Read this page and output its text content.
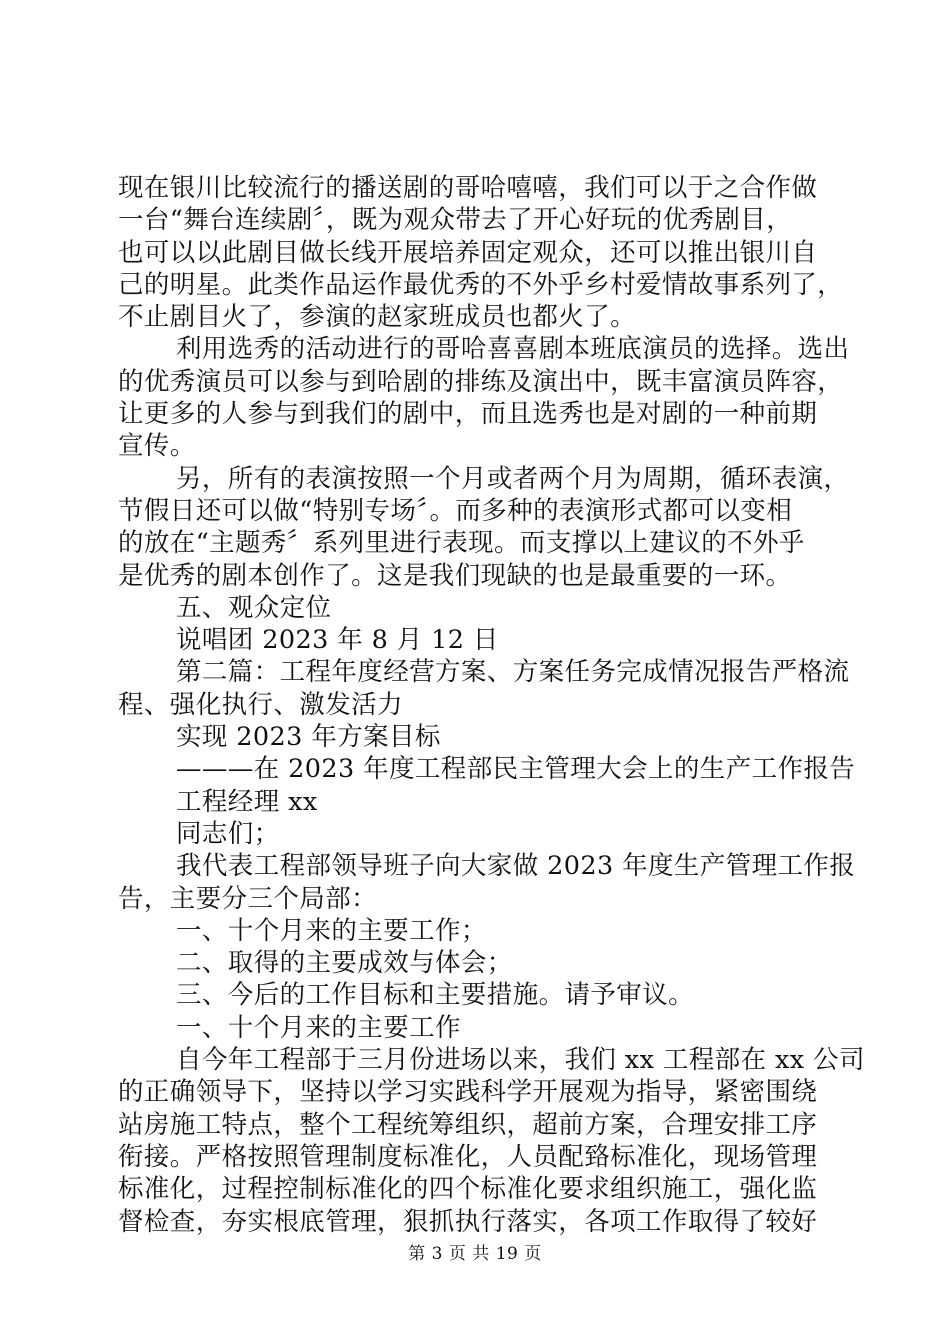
现在银川比较流行的播送剧的哥哈嘻嘻，我们可以于之合作做
一台“舞台连续剧〞，既为观众带去了开心好玩的优秀剧目，
也可以以此剧目做长线开展培养固定观众，还可以推出银川自
己的明星。此类作品运作最优秀的不外乎乡村爱情故事系列了，
不止剧目火了，参演的赵家班成员也都火了。
利用选秀的活动进行的哥哈喜喜剧本班底演员的选择。选出
的优秀演员可以参与到哈剧的排练及演出中，既丰富演员阵容，
让更多的人参与到我们的剧中，而且选秀也是对剧的一种前期
宣传。
另，所有的表演按照一个月或者两个月为周期，循环表演，
节假日还可以做“特别专场〞。而多种的表演形式都可以变相
的放在“主题秀〞系列里进行表现。而支撑以上建议的不外乎
是优秀的剧本创作了。这是我们现缺的也是最重要的一环。
五、观众定位
说唱团 2023 年 8 月 12 日
第二篇：工程年度经营方案、方案任务完成情况报告严格流
程、强化执行、激发活力
实现 2023 年方案目标
———在 2023 年度工程部民主管理大会上的生产工作报告
工程经理 xx
同志们；
我代表工程部领导班子向大家做 2023 年度生产管理工作报
告，主要分三个局部：
一、十个月来的主要工作；
二、取得的主要成效与体会；
三、今后的工作目标和主要措施。请予审议。
一、十个月来的主要工作
自今年工程部于三月份进场以来，我们 xx 工程部在 xx 公司
的正确领导下，坚持以学习实践科学开展观为指导，紧密围绕
站房施工特点，整个工程统筹组织，超前方案，合理安排工序
衔接。严格按照管理制度标准化，人员配臵标准化，现场管理
标准化，过程控制标准化的四个标准化要求组织施工，强化监
督检查，夯实根底管理，狠抓执行落实，各项工作取得了较好
第 3 页 共 19 页
